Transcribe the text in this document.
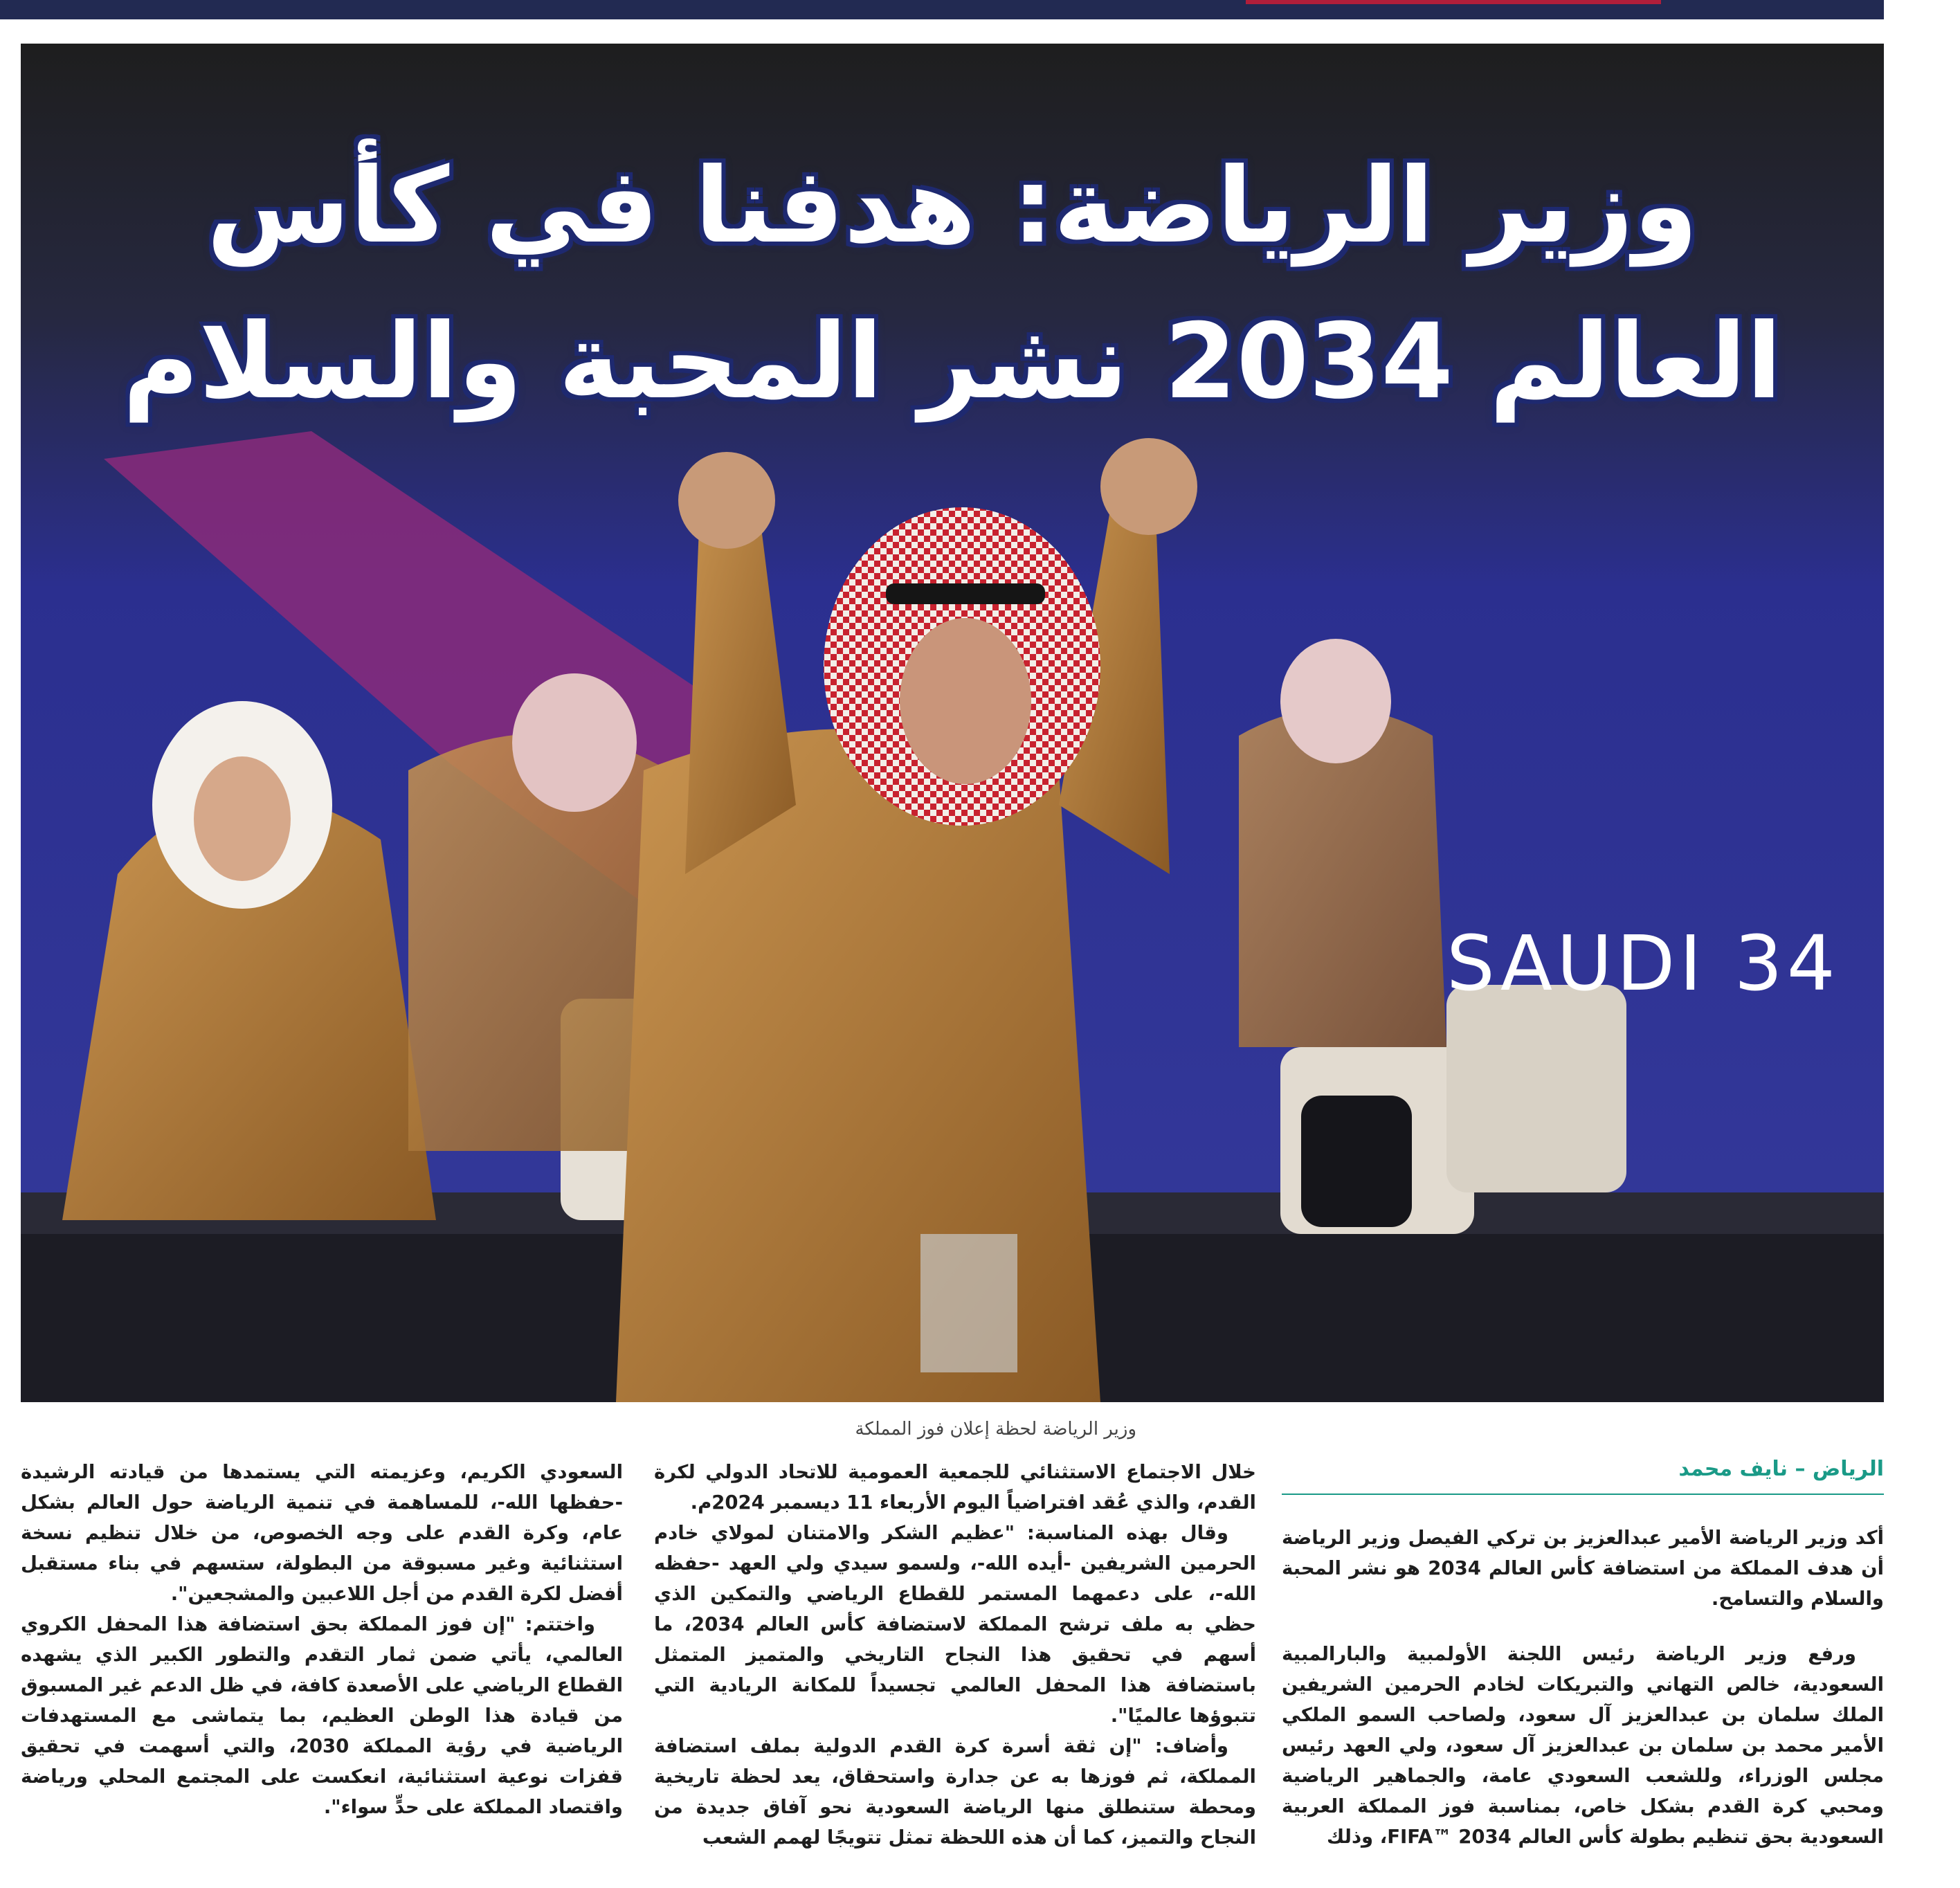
SAUDI 34
وزير الرياضة: هدفنا في كأس
العالم 2034 نشر المحبة والسلام
وزير الرياضة لحظة إعلان فوز المملكة
الرياض – نايف محمد

أكد وزير الرياضة الأمير عبدالعزيز بن تركي الفيصل وزير الرياضة أن هدف المملكة من استضافة كأس العالم 2034 هو نشر المحبة والسلام والتسامح.

ورفع وزير الرياضة رئيس اللجنة الأولمبية والبارالمبية السعودية، خالص التهاني والتبريكات لخادم الحرمين الشريفين الملك سلمان بن عبدالعزيز آل سعود، ولصاحب السمو الملكي الأمير محمد بن سلمان بن عبدالعزيز آل سعود، ولي العهد رئيس مجلس الوزراء، وللشعب السعودي عامة، والجماهير الرياضية ومحبي كرة القدم بشكل خاص، بمناسبة فوز المملكة العربية السعودية بحق تنظيم بطولة كأس العالم 2034 ™FIFA، وذلك

خلال الاجتماع الاستثنائي للجمعية العمومية للاتحاد الدولي لكرة القدم، والذي عُقد افتراضياً اليوم الأربعاء 11 ديسمبر 2024م.

وقال بهذه المناسبة: "عظيم الشكر والامتنان لمولاي خادم الحرمين الشريفين -أيده الله-، ولسمو سيدي ولي العهد -حفظه الله-، على دعمهما المستمر للقطاع الرياضي والتمكين الذي حظي به ملف ترشح المملكة لاستضافة كأس العالم 2034، ما أسهم في تحقيق هذا النجاح التاريخي والمتميز المتمثل باستضافة هذا المحفل العالمي تجسيداً للمكانة الريادية التي تتبوؤها عالميًا".

وأضاف: "إن ثقة أسرة كرة القدم الدولية بملف استضافة المملكة، ثم فوزها به عن جدارة واستحقاق، يعد لحظة تاريخية ومحطة ستنطلق منها الرياضة السعودية نحو آفاق جديدة من النجاح والتميز، كما أن هذه اللحظة تمثل تتويجًا لهمم الشعب

السعودي الكريم، وعزيمته التي يستمدها من قيادته الرشيدة -حفظها الله-، للمساهمة في تنمية الرياضة حول العالم بشكل عام، وكرة القدم على وجه الخصوص، من خلال تنظيم نسخة استثنائية وغير مسبوقة من البطولة، ستسهم في بناء مستقبل أفضل لكرة القدم من أجل اللاعبين والمشجعين".

واختتم: "إن فوز المملكة بحق استضافة هذا المحفل الكروي العالمي، يأتي ضمن ثمار التقدم والتطور الكبير الذي يشهده القطاع الرياضي على الأصعدة كافة، في ظل الدعم غير المسبوق من قيادة هذا الوطن العظيم، بما يتماشى مع المستهدفات الرياضية في رؤية المملكة 2030، والتي أسهمت في تحقيق قفزات نوعية استثنائية، انعكست على المجتمع المحلي ورياضة واقتصاد المملكة على حدٍّ سواء".
